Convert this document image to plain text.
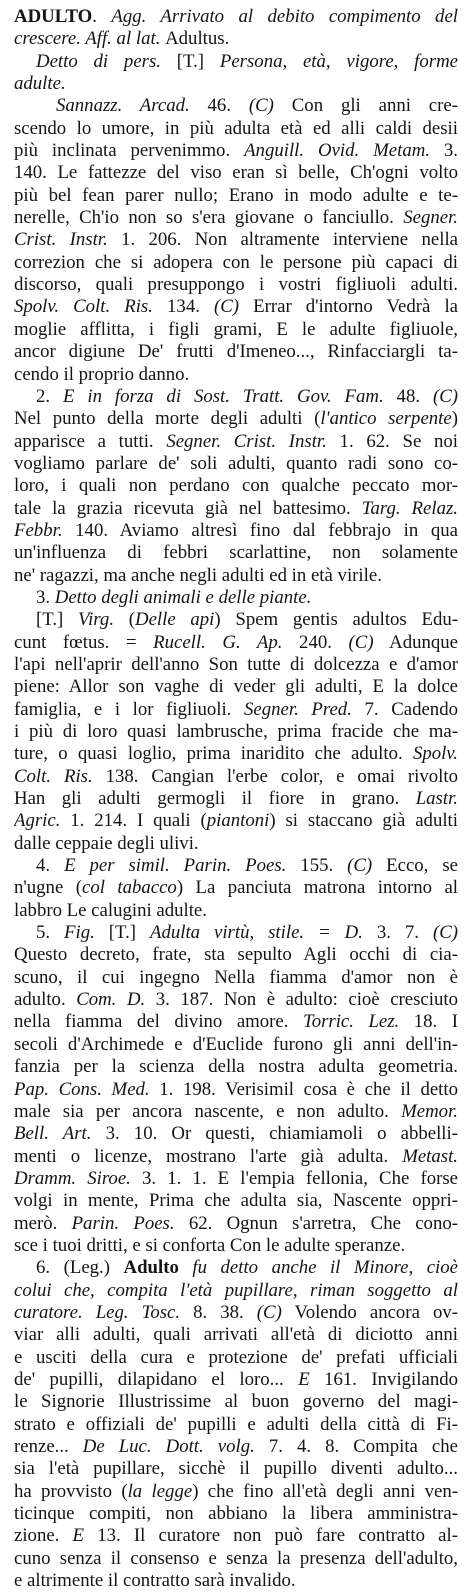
ADULTO. Agg. Arrivato al debito compimento del
crescere. Aff. al lat. Adultus.
Detto di pers. [T.] Persona, età, vigore, forme
adulte.
Sannazz. Arcad. 46. (C) Con gli anni cre-
scendo lo umore, in più adulta età ed alli caldi desii
più inclinata pervenimmo. Anguill. Ovid. Metam. 3.
140. Le fattezze del viso eran sì belle, Ch'ogni volto
più bel fean parer nullo; Erano in modo adulte e te-
nerelle, Ch'io non so s'era giovane o fanciullo. Segner.
Crist. Instr. 1. 206. Non altramente interviene nella
correzion che si adopera con le persone più capaci di
discorso, quali presuppongo i vostri figliuoli adulti.
Spolv. Colt. Ris. 134. (C) Errar d'intorno Vedrà la
moglie afflitta, i figli grami, E le adulte figliuole,
ancor digiune De' frutti d'Imeneo..., Rinfacciargli ta-
cendo il proprio danno.
2. E in forza di Sost. Tratt. Gov. Fam. 48. (C)
Nel punto della morte degli adulti (l'antico serpente)
apparisce a tutti. Segner. Crist. Instr. 1. 62. Se noi
vogliamo parlare de' soli adulti, quanto radi sono co-
loro, i quali non perdano con qualche peccato mor-
tale la grazia ricevuta già nel battesimo. Targ. Relaz.
Febbr. 140. Aviamo altresì fino dal febbrajo in qua
un'influenza di febbri scarlattine, non solamente
ne' ragazzi, ma anche negli adulti ed in età virile.
3. Detto degli animali e delle piante.
[T.] Virg. (Delle api) Spem gentis adultos Edu-
cunt fœtus. = Rucell. G. Ap. 240. (C) Adunque
l'api nell'aprir dell'anno Son tutte di dolcezza e d'amor
piene: Allor son vaghe di veder gli adulti, E la dolce
famiglia, e i lor figliuoli. Segner. Pred. 7. Cadendo
i più di loro quasi lambrusche, prima fracide che ma-
ture, o quasi loglio, prima inaridito che adulto. Spolv.
Colt. Ris. 138. Cangian l'erbe color, e omai rivolto
Han gli adulti germogli il fiore in grano. Lastr.
Agric. 1. 214. I quali (piantoni) si staccano già adulti
dalle ceppaie degli ulivi.
4. E per simil. Parin. Poes. 155. (C) Ecco, se
n'ugne (col tabacco) La panciuta matrona intorno al
labbro Le calugini adulte.
5. Fig. [T.] Adulta virtù, stile. = D. 3. 7. (C)
Questo decreto, frate, sta sepulto Agli occhi di cia-
scuno, il cui ingegno Nella fiamma d'amor non è
adulto. Com. D. 3. 187. Non è adulto: cioè cresciuto
nella fiamma del divino amore. Torric. Lez. 18. I
secoli d'Archimede e d'Euclide furono gli anni dell'in-
fanzia per la scienza della nostra adulta geometria.
Pap. Cons. Med. 1. 198. Verisimil cosa è che il detto
male sia per ancora nascente, e non adulto. Memor.
Bell. Art. 3. 10. Or questi, chiamiamoli o abbelli-
menti o licenze, mostrano l'arte già adulta. Metast.
Dramm. Siroe. 3. 1. 1. E l'empia fellonia, Che forse
volgi in mente, Prima che adulta sia, Nascente oppri-
merò. Parin. Poes. 62. Ognun s'arretra, Che cono-
sce i tuoi dritti, e si conforta Con le adulte speranze.
6. (Leg.) Adulto fu detto anche il Minore, cioè
colui che, compita l'età pupillare, riman soggetto al
curatore. Leg. Tosc. 8. 38. (C) Volendo ancora ov-
viar alli adulti, quali arrivati all'età di diciotto anni
e usciti della cura e protezione de' prefati ufficiali
de' pupilli, dilapidano el loro... E 161. Invigilando
le Signorie Illustrissime al buon governo del magi-
strato e offiziali de' pupilli e adulti della città di Fi-
renze... De Luc. Dott. volg. 7. 4. 8. Compita che
sia l'età pupillare, sicchè il pupillo diventi adulto...
ha provvisto (la legge) che fino all'età degli anni ven-
ticinque compiti, non abbiano la libera amministra-
zione. E 13. Il curatore non può fare contratto al-
cuno senza il consenso e senza la presenza dell'adulto,
e altrimente il contratto sarà invalido.
